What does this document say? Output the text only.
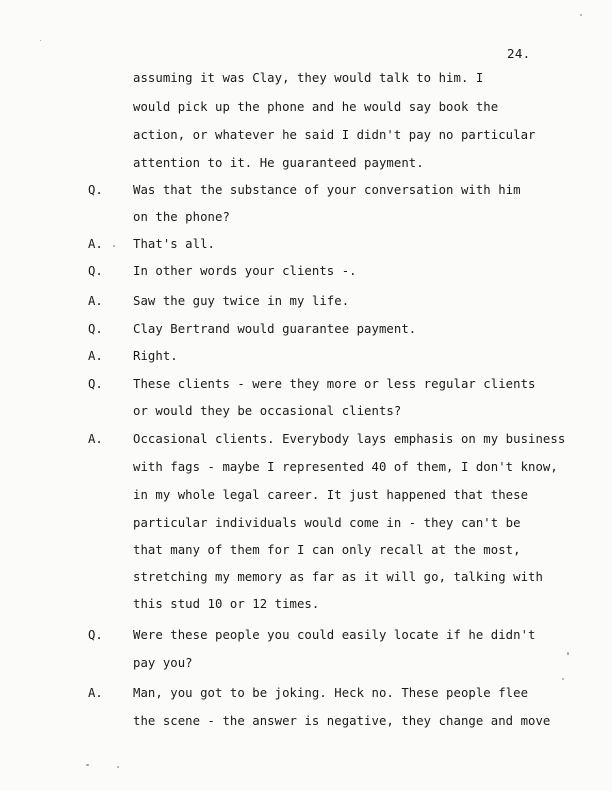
24.
assuming it was Clay, they would talk to him. I
would pick up the phone and he would say book the
action, or whatever he said I didn't pay no particular
attention to it. He guaranteed payment.
Q. Was that the substance of your conversation with him
on the phone?
A. That's all.
Q. In other words your clients -.
A. Saw the guy twice in my life.
Q. Clay Bertrand would guarantee payment.
A. Right.
Q. These clients - were they more or less regular clients
or would they be occasional clients?
A. Occasional clients. Everybody lays emphasis on my business
with fags - maybe I represented 40 of them, I don't know,
in my whole legal career. It just happened that these
particular individuals would come in - they can't be
that many of them for I can only recall at the most,
stretching my memory as far as it will go, talking with
this stud 10 or 12 times.
Q. Were these people you could easily locate if he didn't
pay you?
A. Man, you got to be joking. Heck no. These people flee
the scene - the answer is negative, they change and move
